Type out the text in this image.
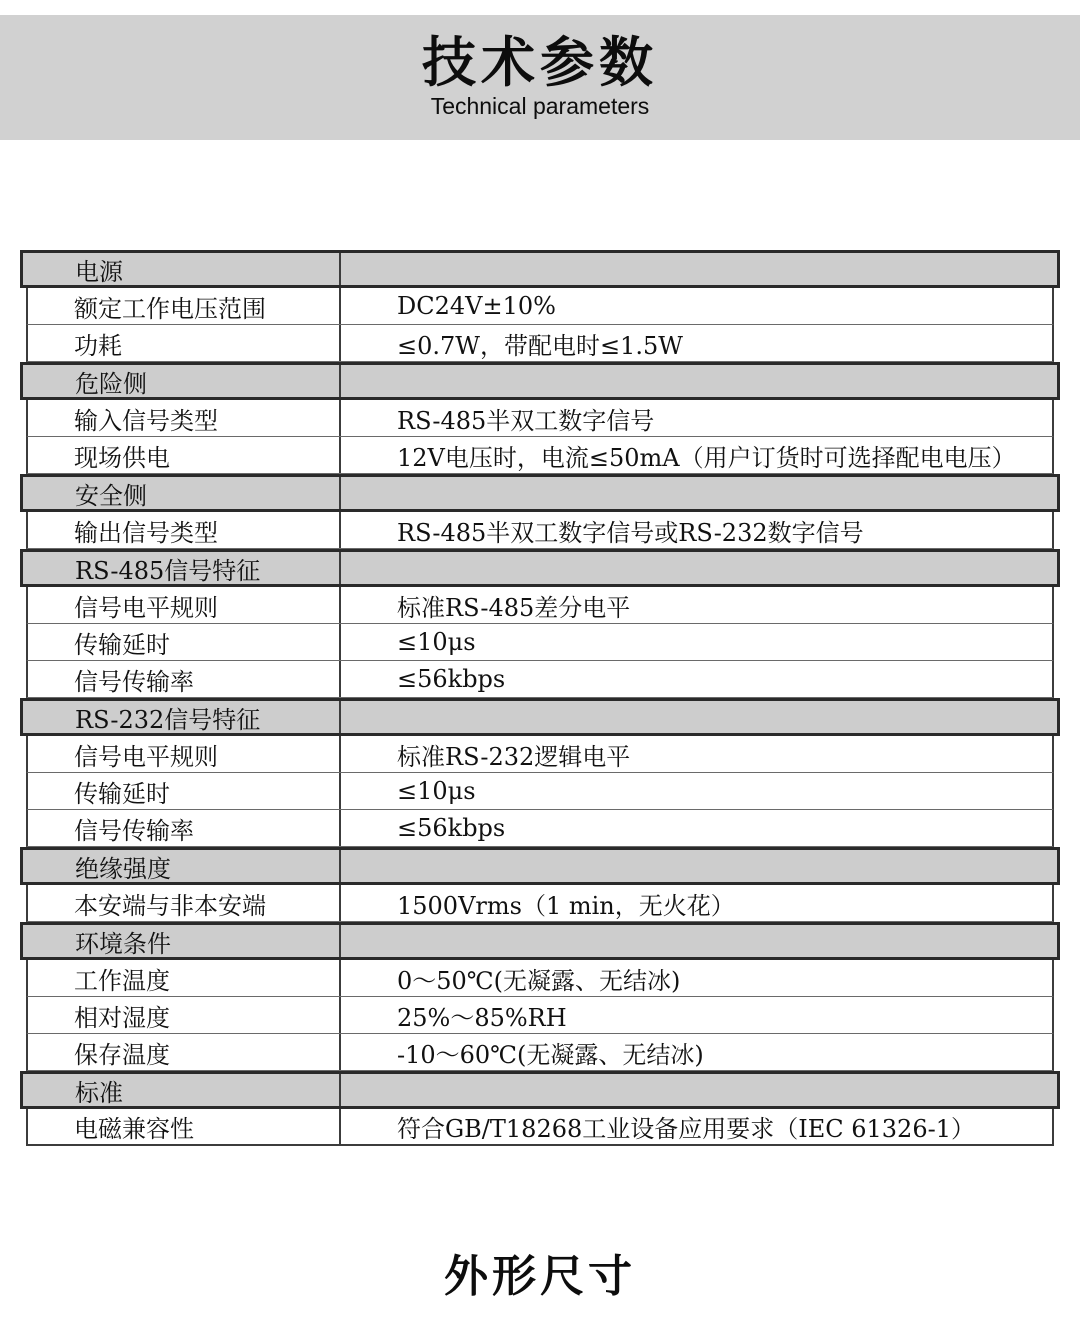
技术参数
Technical parameters
电源
额定工作电压范围	DC24V±10%
功耗	≤0.7W，带配电时≤1.5W
危险侧
输入信号类型	RS-485半双工数字信号
现场供电	12V电压时，电流≤50mA（用户订货时可选择配电电压）
安全侧
输出信号类型	RS-485半双工数字信号或RS-232数字信号
RS-485信号特征
信号电平规则	标准RS-485差分电平
传输延时	≤10μs
信号传输率	≤56kbps
RS-232信号特征
信号电平规则	标准RS-232逻辑电平
传输延时	≤10μs
信号传输率	≤56kbps
绝缘强度
本安端与非本安端	1500Vrms（1 min，无火花）
环境条件
工作温度	0～50℃(无凝露、无结冰)
相对湿度	25%～85%RH
保存温度	-10～60℃(无凝露、无结冰)
标准
电磁兼容性	符合GB/T18268工业设备应用要求（IEC 61326-1）
外形尺寸
